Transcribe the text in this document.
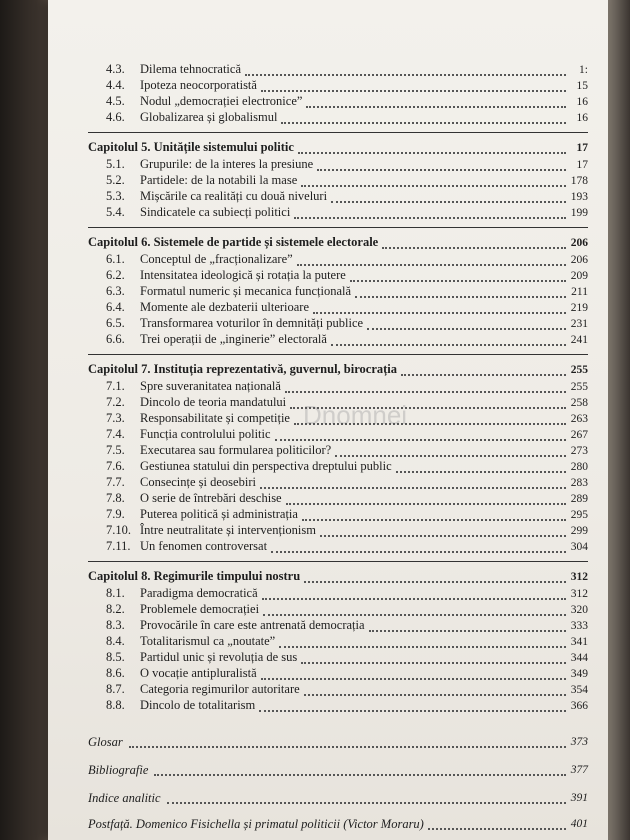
Dnomnei
4.3.	Dilema tehnocratică	1:
4.4.	Ipoteza neocorporatistă	15
4.5.	Nodul „democrației electronice”	16
4.6.	Globalizarea și globalismul	16
Capitolul 5. Unitățile sistemului politic	17
5.1.	Grupurile: de la interes la presiune	17
5.2.	Partidele: de la notabili la mase	178
5.3.	Mișcările ca realități cu două niveluri	193
5.4.	Sindicatele ca subiecți politici	199
Capitolul 6. Sistemele de partide și sistemele electorale	206
6.1.	Conceptul de „fracționalizare”	206
6.2.	Intensitatea ideologică și rotația la putere	209
6.3.	Formatul numeric și mecanica funcțională	211
6.4.	Momente ale dezbaterii ulterioare	219
6.5.	Transformarea voturilor în demnități publice	231
6.6.	Trei operații de „inginerie” electorală	241
Capitolul 7. Instituția reprezentativă, guvernul, birocrația	255
7.1.	Spre suveranitatea națională	255
7.2.	Dincolo de teoria mandatului	258
7.3.	Responsabilitate și competiție	263
7.4.	Funcția controlului politic	267
7.5.	Executarea sau formularea politicilor?	273
7.6.	Gestiunea statului din perspectiva dreptului public	280
7.7.	Consecințe și deosebiri	283
7.8.	O serie de întrebări deschise	289
7.9.	Puterea politică și administrația	295
7.10. Între neutralitate și intervenționism	299
7.11. Un fenomen controversat	304
Capitolul 8. Regimurile timpului nostru	312
8.1.	Paradigma democratică	312
8.2.	Problemele democrației	320
8.3.	Provocările în care este antrenată democrația	333
8.4.	Totalitarismul ca „noutate”	341
8.5.	Partidul unic și revoluția de sus	344
8.6.	O vocație antipluralistă	349
8.7.	Categoria regimurilor autoritare	354
8.8.	Dincolo de totalitarism	366
Glosar	373
Bibliografie	377
Indice analitic	391
Postfață. Domenico Fisichella și primatul politicii (Victor Moraru)	401
